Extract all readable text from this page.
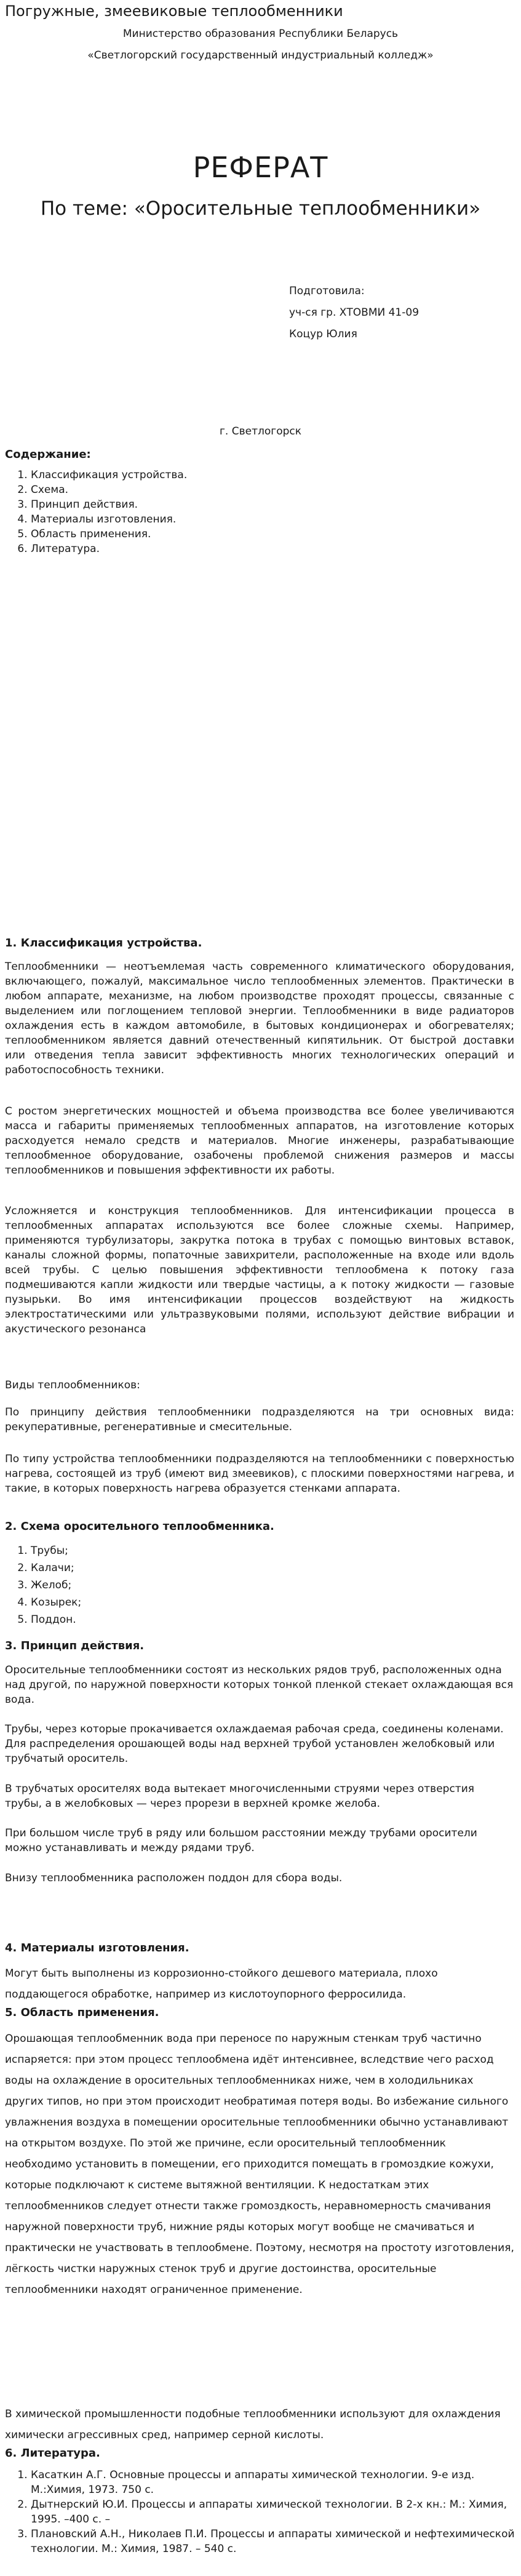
Погружные, змеевиковые теплообменники
Министерство образования Республики Беларусь
«Светлогорский государственный индустриальный колледж»
РЕФЕРАТ
По теме: «Оросительные теплообменники»
Подготовила:
уч-ся гр. ХТОВМИ 41-09
Коцур Юлия
г. Светлогорск
Содержание:
1. Классификация устройства.
2. Схема.
3. Принцип действия.
4. Материалы изготовления.
5. Область применения.
6. Литература.
1. Классификация устройства.

Теплообменники — неотъемлемая часть современного климатического оборудования, включающего, пожалуй, максимальное число теплообменных элементов. Практически в любом аппарате, механизме, на любом производстве проходят процессы, связанные с выделением или поглощением тепловой энергии. Теплообменники в виде радиаторов охлаждения есть в каждом автомобиле, в бытовых кондиционерах и обогревателях; теплообменником является давний отечественный кипятильник. От быстрой доставки или отведения тепла зависит эффективность многих технологических операций и работоспособность техники.

С ростом энергетических мощностей и объема производства все более увеличиваются масса и габариты применяемых теплообменных аппаратов, на изготовление которых расходуется немало средств и материалов. Многие инженеры, разрабатывающие теплообменное оборудование, озабочены проблемой снижения размеров и массы теплообменников и повышения эффективности их работы.

Усложняется и конструкция теплообменников. Для интенсификации процесса в теплообменных аппаратах используются все более сложные схемы. Например, применяются турбулизаторы, закрутка потока в трубах с помощью винтовых вставок, каналы сложной формы, попаточные завихрители, расположенные на входе или вдоль всей трубы. С целью повышения эффективности теплообмена к потоку газа подмешиваются капли жидкости или твердые частицы, а к потоку жидкости — газовые пузырьки. Во имя интенсификации процессов воздействуют на жидкость электростатическими или ультразвуковыми полями, используют действие вибрации и акустического резонанса

Виды теплообменников:

По принципу действия теплообменники подразделяются на три основных вида: рекуперативные, регенеративные и смесительные.

По типу устройства теплообменники подразделяются на теплообменники с поверхностью нагрева, состоящей из труб (имеют вид змеевиков), с плоскими поверхностями нагрева, и такие, в которых поверхность нагрева образуется стенками аппарата.

2. Схема оросительного теплообменника.
1. Трубы;
2. Калачи;
3. Желоб;
4. Козырек;
5. Поддон.
3. Принцип действия.

Оросительные теплообменники состоят из нескольких рядов труб, расположенных одна над другой, по наружной поверхности которых тонкой пленкой стекает охлаждающая вся вода.

Трубы, через которые прокачивается охлаждаемая рабочая среда, соединены коленами. Для распределения орошающей воды над верхней трубой установлен желобковый или трубчатый ороситель.

В трубчатых оросителях вода вытекает многочисленными струями через отверстия трубы, а в желобковых — через прорези в верхней кромке желоба.

При большом числе труб в ряду или большом расстоянии между трубами оросители можно устанавливать и между рядами труб.

Внизу теплообменника расположен поддон для сбора воды.

4. Материалы изготовления.

Могут быть выполнены из коррозионно-стойкого дешевого материала, плохо поддающегося обработке, например из кислотоупорного ферросилида.

5. Область применения.

Орошающая теплообменник вода при переносе по наружным стенкам труб частично испаряется: при этом процесс теплообмена идёт интенсивнее, вследствие чего расход воды на охлаждение в оросительных теплообменниках ниже, чем в холодильниках других типов, но при этом происходит необратимая потеря воды. Во избежание сильного увлажнения воздуха в помещении оросительные теплообменники обычно устанавливают на открытом воздухе. По этой же причине, если оросительный теплообменник необходимо установить в помещении, его приходится помещать в громоздкие кожухи, которые подключают к системе вытяжной вентиляции. К недостаткам этих теплообменников следует отнести также громоздкость, неравномерность смачивания наружной поверхности труб, нижние ряды которых могут вообще не смачиваться и практически не участвовать в теплообмене. Поэтому, несмотря на простоту изготовления, лёгкость чистки наружных стенок труб и другие достоинства, оросительные теплообменники находят ограниченное применение.

В химической промышленности подобные теплообменники используют для охлаждения химически агрессивных сред, например серной кислоты.

6. Литература.
1. Касаткин А.Г. Основные процессы и аппараты химической технологии. 9-е изд. М.:Химия, 1973. 750 с.
2. Дытнерский Ю.И. Процессы и аппараты химической технологии. В 2-х кн.: М.: Химия, 1995. –400 с. –
3. Плановский А.Н., Николаев П.И. Процессы и аппараты химической и нефтехимической технологии. М.: Химия, 1987. – 540 с.
